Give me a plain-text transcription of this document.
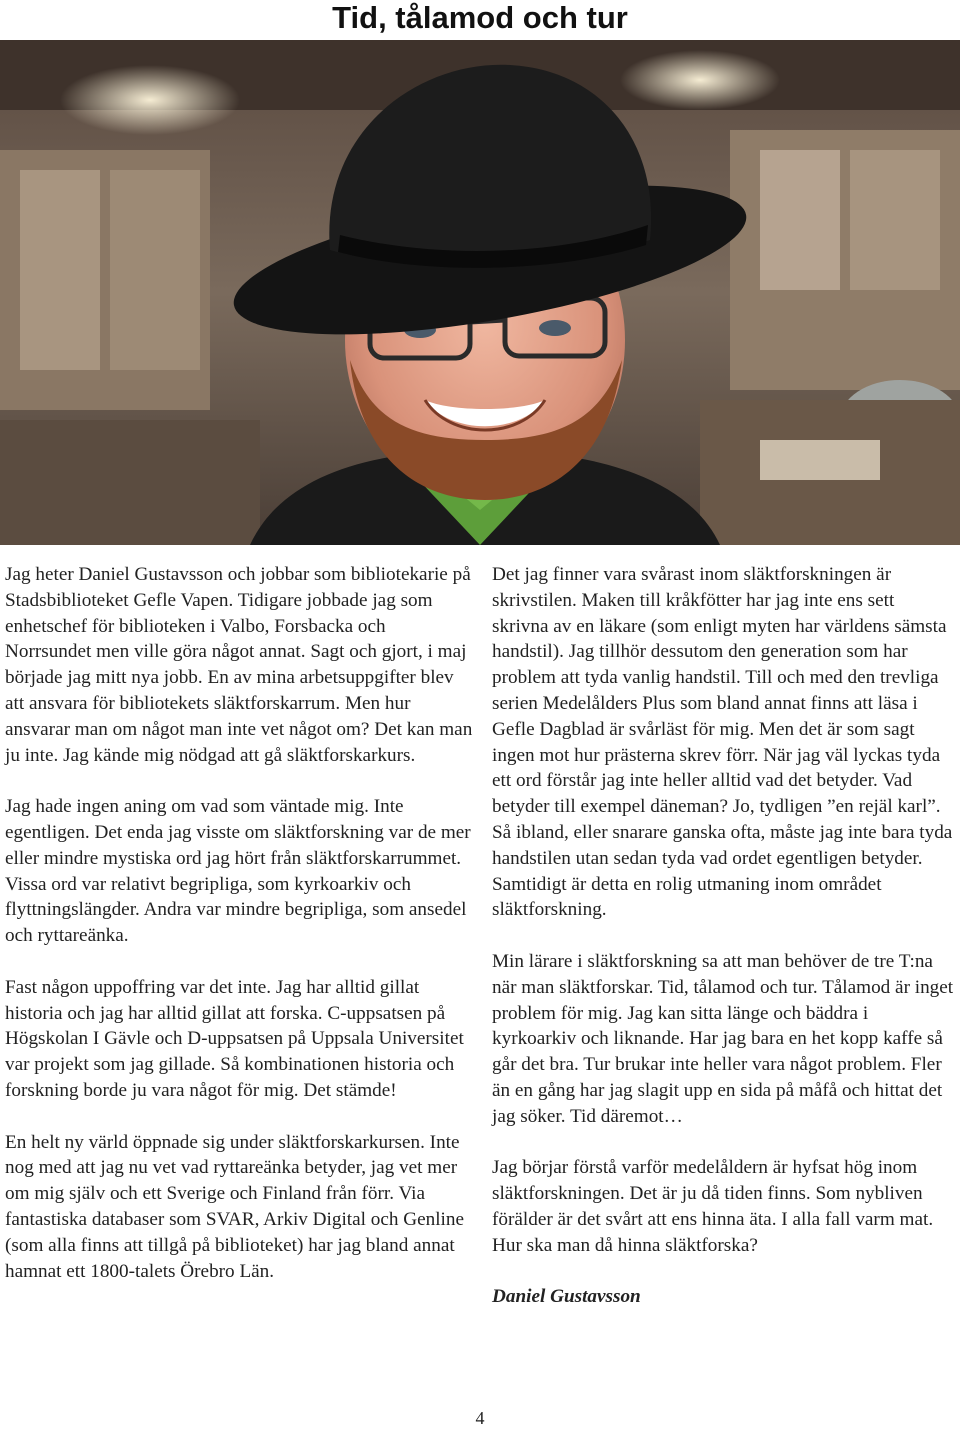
Tid, tålamod och tur

Jag heter Daniel Gustavsson och jobbar som bibliotekarie på Stadsbiblioteket Gefle Vapen. Tidigare jobbade jag som enhetschef för biblioteken i Valbo, Forsbacka och Norrsundet men ville göra något annat. Sagt och gjort, i maj började jag mitt nya jobb. En av mina arbetsuppgifter blev att ansvara för bibliotekets släktforskarrum. Men hur ansvarar man om något man inte vet något om? Det kan man ju inte. Jag kände mig nödgad att gå släktforskarkurs.

Jag hade ingen aning om vad som väntade mig. Inte egentligen. Det enda jag visste om släktforskning var de mer eller mindre mystiska ord jag hört från släktforskarrummet. Vissa ord var relativt begripliga, som kyrkoarkiv och flyttningslängder. Andra var mindre begripliga, som ansedel och ryttareänka.

Fast någon uppoffring var det inte. Jag har alltid gillat historia och jag har alltid gillat att forska. C-uppsatsen på Högskolan I Gävle och D-uppsatsen på Uppsala Universitet var projekt som jag gillade. Så kombinationen historia och forskning borde ju vara något för mig. Det stämde!

En helt ny värld öppnade sig under släktforskarkursen. Inte nog med att jag nu vet vad ryttareänka betyder, jag vet mer om mig själv och ett Sverige och Finland från förr. Via fantastiska databaser som SVAR, Arkiv Digital och Genline (som alla finns att tillgå på biblioteket) har jag bland annat hamnat ett 1800-talets Örebro Län.

Det jag finner vara svårast inom släktforskningen är skrivstilen. Maken till kråkfötter har jag inte ens sett skrivna av en läkare (som enligt myten har världens sämsta handstil). Jag tillhör dessutom den generation som har problem att tyda vanlig handstil. Till och med den trevliga serien Medelålders Plus som bland annat finns att läsa i Gefle Dagblad är svårläst för mig. Men det är som sagt ingen mot hur prästerna skrev förr. När jag väl lyckas tyda ett ord förstår jag inte heller alltid vad det betyder. Vad betyder till exempel däneman? Jo, tydligen ”en rejäl karl”. Så ibland, eller snarare ganska ofta, måste jag inte bara tyda handstilen utan sedan tyda vad ordet egentligen betyder. Samtidigt är detta en rolig utmaning inom området släktforskning.

Min lärare i släktforskning sa att man behöver de tre T:na när man släktforskar. Tid, tålamod och tur. Tålamod är inget problem för mig. Jag kan sitta länge och bäddra i kyrkoarkiv och liknande. Har jag bara en het kopp kaffe så går det bra. Tur brukar inte heller vara något problem. Fler än en gång har jag slagit upp en sida på måfå och hittat det jag söker. Tid däremot…

Jag börjar förstå varför medelåldern är hyfsat hög inom släktforskningen. Det är ju då tiden finns. Som nybliven förälder är det svårt att ens hinna äta. I alla fall varm mat. Hur ska man då hinna släktforska?

Daniel Gustavsson

4
